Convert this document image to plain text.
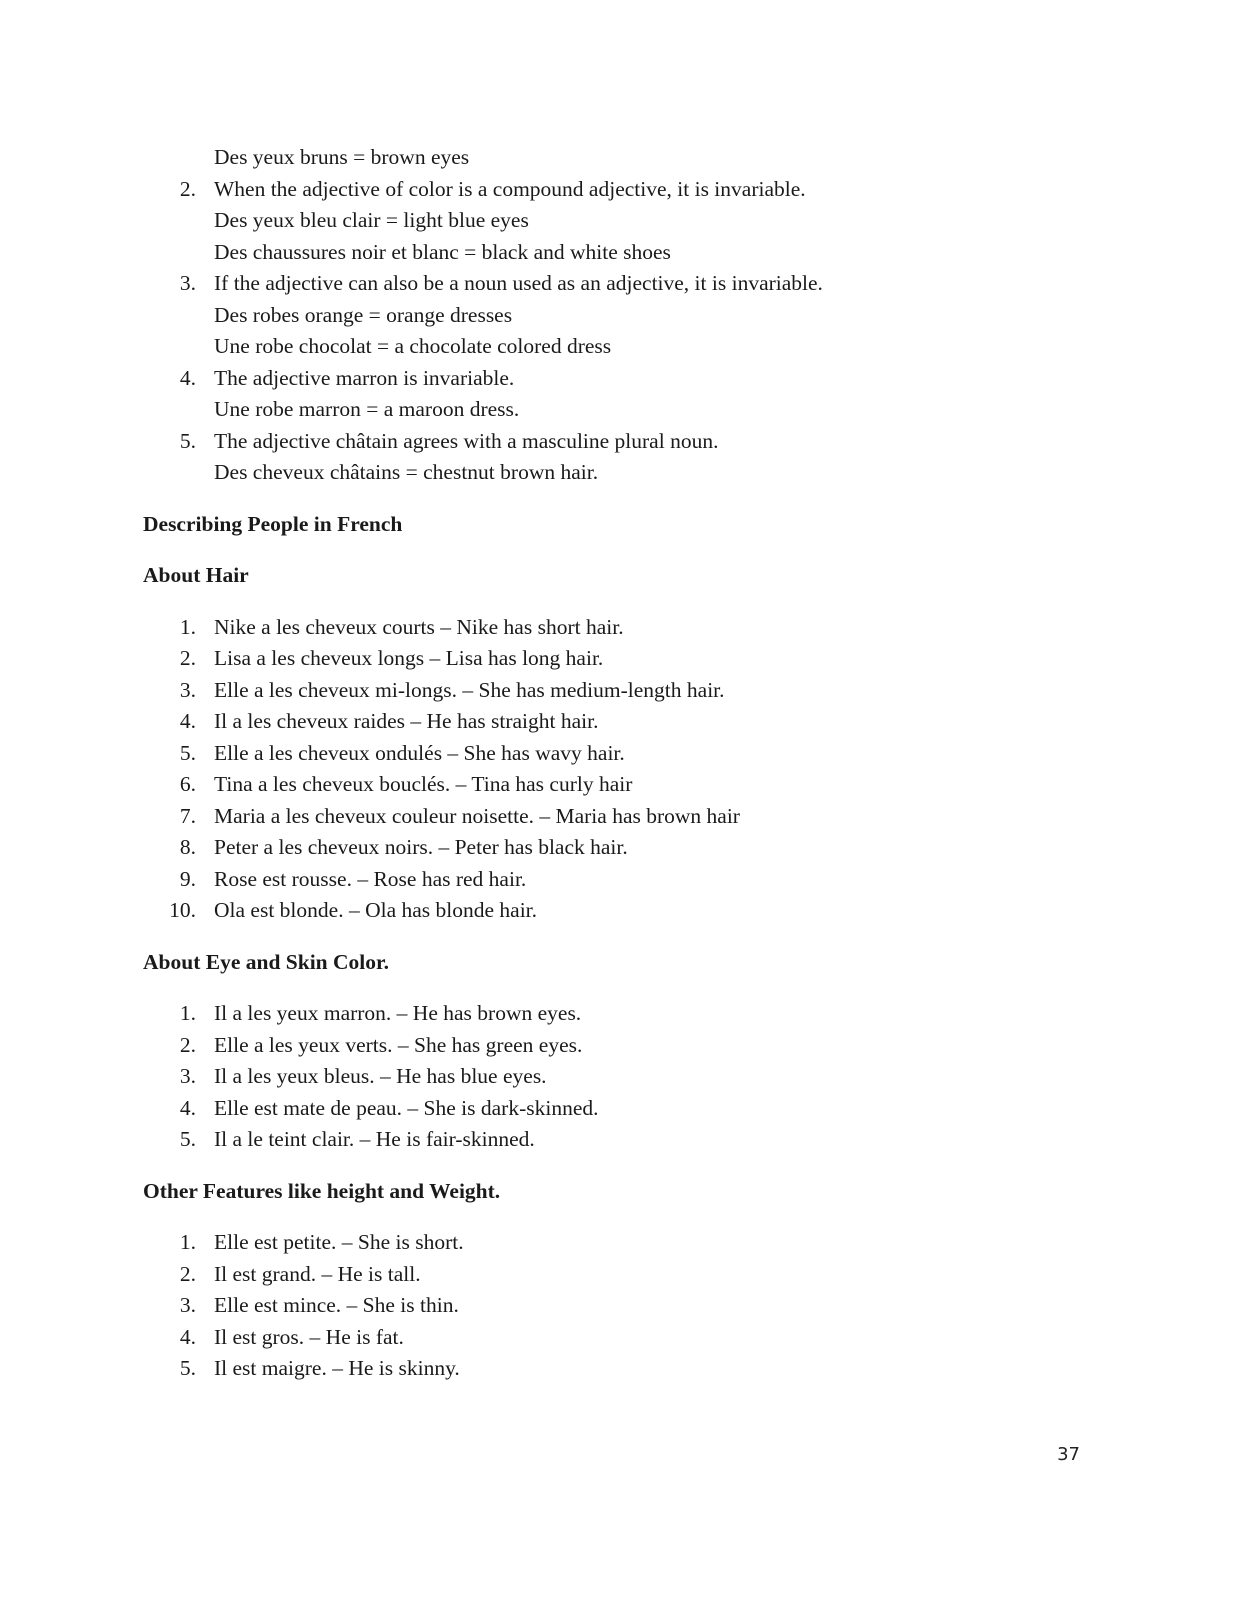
Des yeux bruns = brown eyes
2. When the adjective of color is a compound adjective, it is invariable.
Des yeux bleu clair = light blue eyes
Des chaussures noir et blanc = black and white shoes
3. If the adjective can also be a noun used as an adjective, it is invariable.
Des robes orange = orange dresses
Une robe chocolat = a chocolate colored dress
4. The adjective marron is invariable.
Une robe marron = a maroon dress.
5. The adjective châtain agrees with a masculine plural noun.
Des cheveux châtains = chestnut brown hair.
Describing People in French
About Hair
1. Nike a les cheveux courts – Nike has short hair.
2. Lisa a les cheveux longs – Lisa has long hair.
3. Elle a les cheveux mi-longs. – She has medium-length hair.
4. Il a les cheveux raides – He has straight hair.
5. Elle a les cheveux ondulés – She has wavy hair.
6. Tina a les cheveux bouclés. – Tina has curly hair
7. Maria a les cheveux couleur noisette. – Maria has brown hair
8. Peter a les cheveux noirs. – Peter has black hair.
9. Rose est rousse. – Rose has red hair.
10. Ola est blonde. – Ola has blonde hair.
About Eye and Skin Color.
1. Il a les yeux marron. – He has brown eyes.
2. Elle a les yeux verts. – She has green eyes.
3. Il a les yeux bleus. – He has blue eyes.
4. Elle est mate de peau. – She is dark-skinned.
5. Il a le teint clair. – He is fair-skinned.
Other Features like height and Weight.
1. Elle est petite. – She is short.
2. Il est grand. – He is tall.
3. Elle est mince. – She is thin.
4. Il est gros. – He is fat.
5. Il est maigre. – He is skinny.
37
